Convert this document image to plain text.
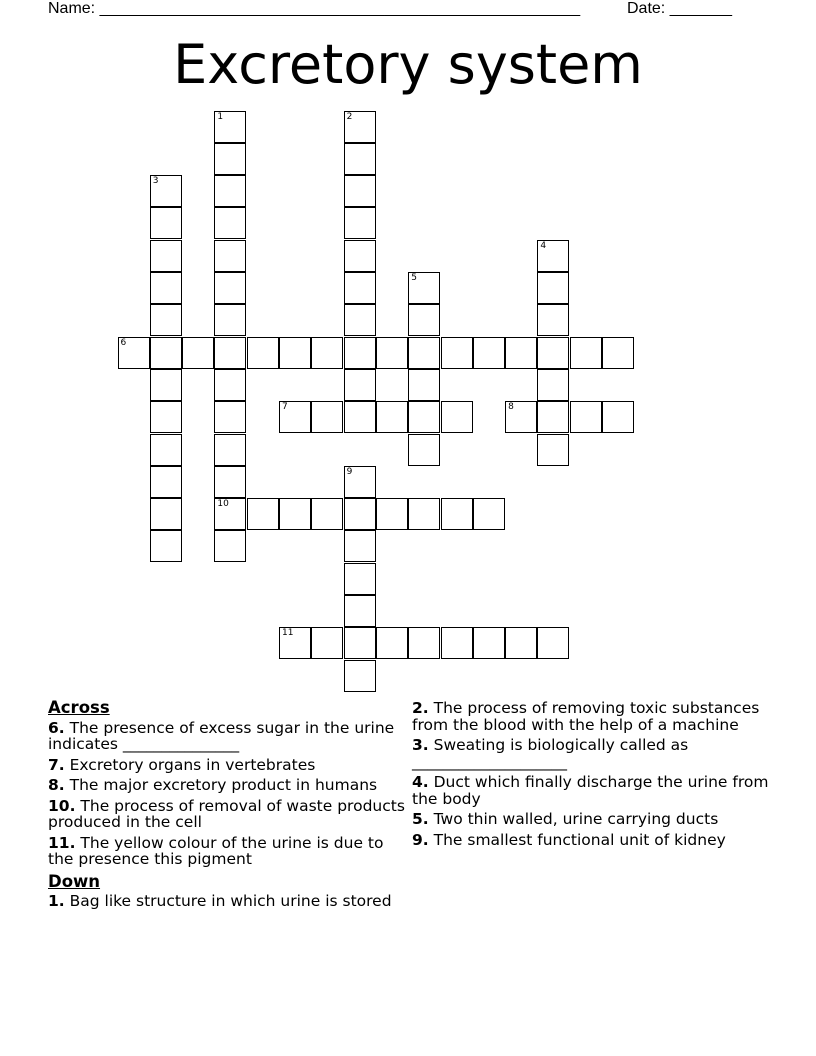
Name: ______________________________________________________	Date: _______
Excretory system
1
10
2
3
4
5
6
7	8
9
11
Across
6. The presence of excess sugar in the urine indicates _______________
7. Excretory organs in vertebrates
8. The major excretory product in humans
10. The process of removal of waste products produced in the cell
11. The yellow colour of the urine is due to the presence this pigment
Down
1. Bag like structure in which urine is stored
2. The process of removing toxic substances from the blood with the help of a machine
3. Sweating is biologically called as ____________________
4. Duct which finally discharge the urine from the body
5. Two thin walled, urine carrying ducts
9. The smallest functional unit of kidney
